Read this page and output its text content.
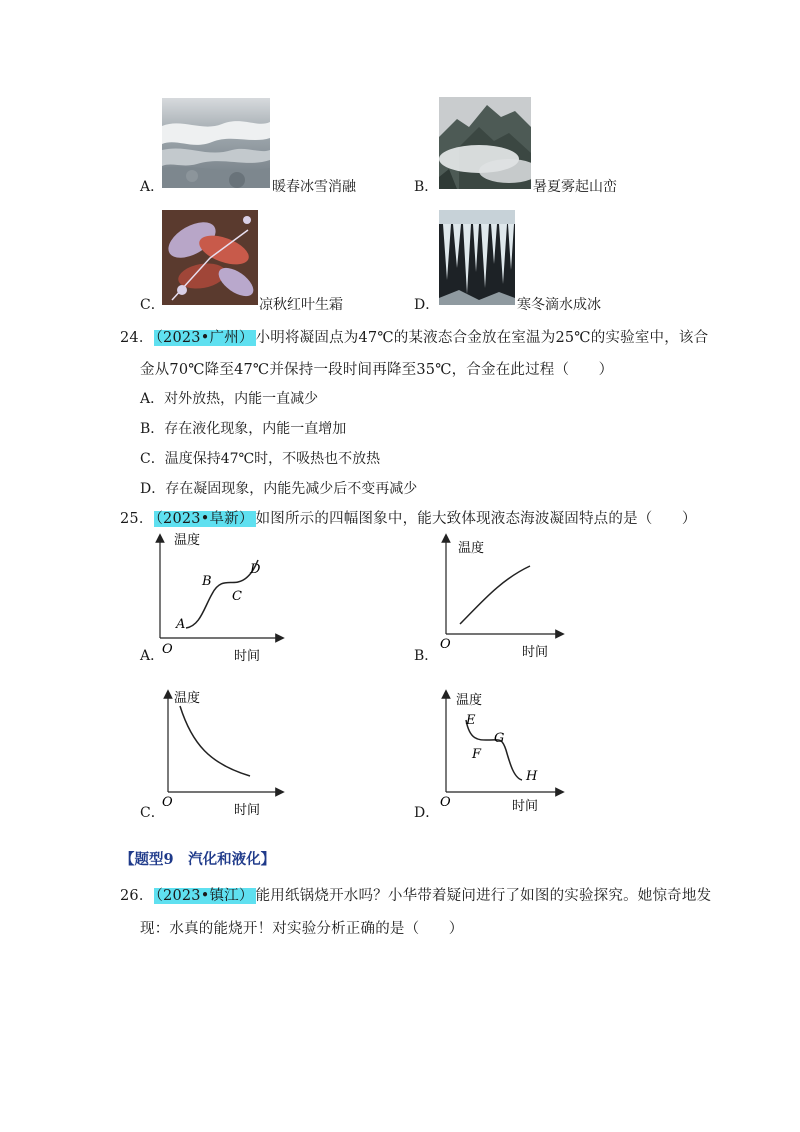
A．	暖春冰雪消融	B．	暑夏雾起山峦
C．	凉秋红叶生霜	D．	寒冬滴水成冰
24． （2023•广州） 小明将凝固点为47℃的某液态合金放在室温为25℃的实验室中，该合
金从70℃降至47℃并保持一段时间再降至35℃，合金在此过程（　　）
A．对外放热，内能一直减少
B．存在液化现象，内能一直增加
C．温度保持47℃时，不吸热也不放热
D．存在凝固现象，内能先减少后不变再减少
25． （2023•阜新） 如图所示的四幅图象中，能大致体现液态海波凝固特点的是（　　）
温度
时间
O
A
B
C
D
A．
温度
时间
O
B．
温度
时间
O
C．
温度
时间
O
E
F
G
H
D．
【题型9　汽化和液化】
26． （2023•镇江） 能用纸锅烧开水吗？小华带着疑问进行了如图的实验探究。她惊奇地发
现：水真的能烧开！对实验分析正确的是（　　）
